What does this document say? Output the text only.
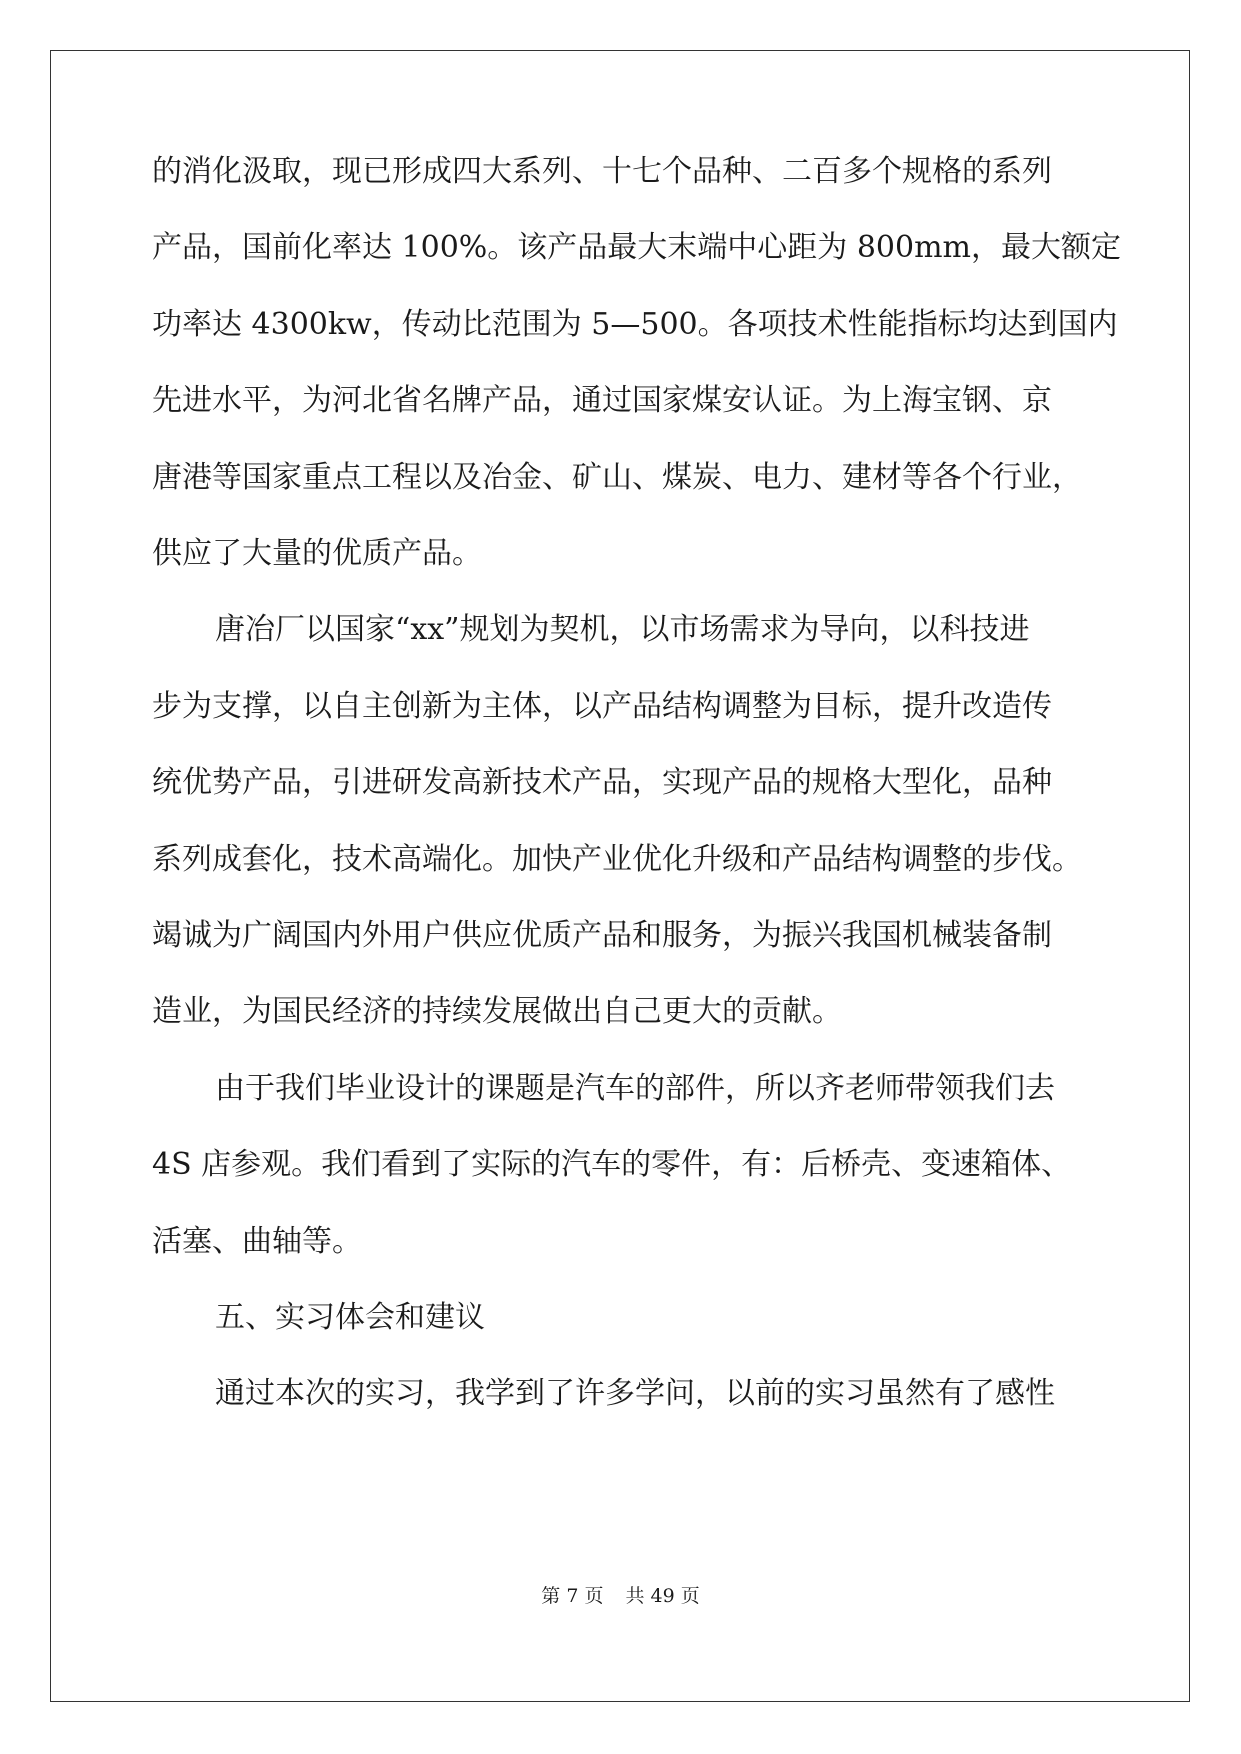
的消化汲取，现已形成四大系列、十七个品种、二百多个规格的系列
产品，国前化率达 100%。该产品最大末端中心距为 800mm，最大额定
功率达 4300kw，传动比范围为 5—500。各项技术性能指标均达到国内
先进水平，为河北省名牌产品，通过国家煤安认证。为上海宝钢、京
唐港等国家重点工程以及冶金、矿山、煤炭、电力、建材等各个行业，
供应了大量的优质产品。
唐冶厂以国家“xx”规划为契机，以市场需求为导向，以科技进
步为支撑，以自主创新为主体，以产品结构调整为目标，提升改造传
统优势产品，引进研发高新技术产品，实现产品的规格大型化，品种
系列成套化，技术高端化。加快产业优化升级和产品结构调整的步伐。
竭诚为广阔国内外用户供应优质产品和服务，为振兴我国机械装备制
造业，为国民经济的持续发展做出自己更大的贡献。
由于我们毕业设计的课题是汽车的部件，所以齐老师带领我们去
4S 店参观。我们看到了实际的汽车的零件，有：后桥壳、变速箱体、
活塞、曲轴等。
五、实习体会和建议
通过本次的实习，我学到了许多学问，以前的实习虽然有了感性
第 7 页 共 49 页
